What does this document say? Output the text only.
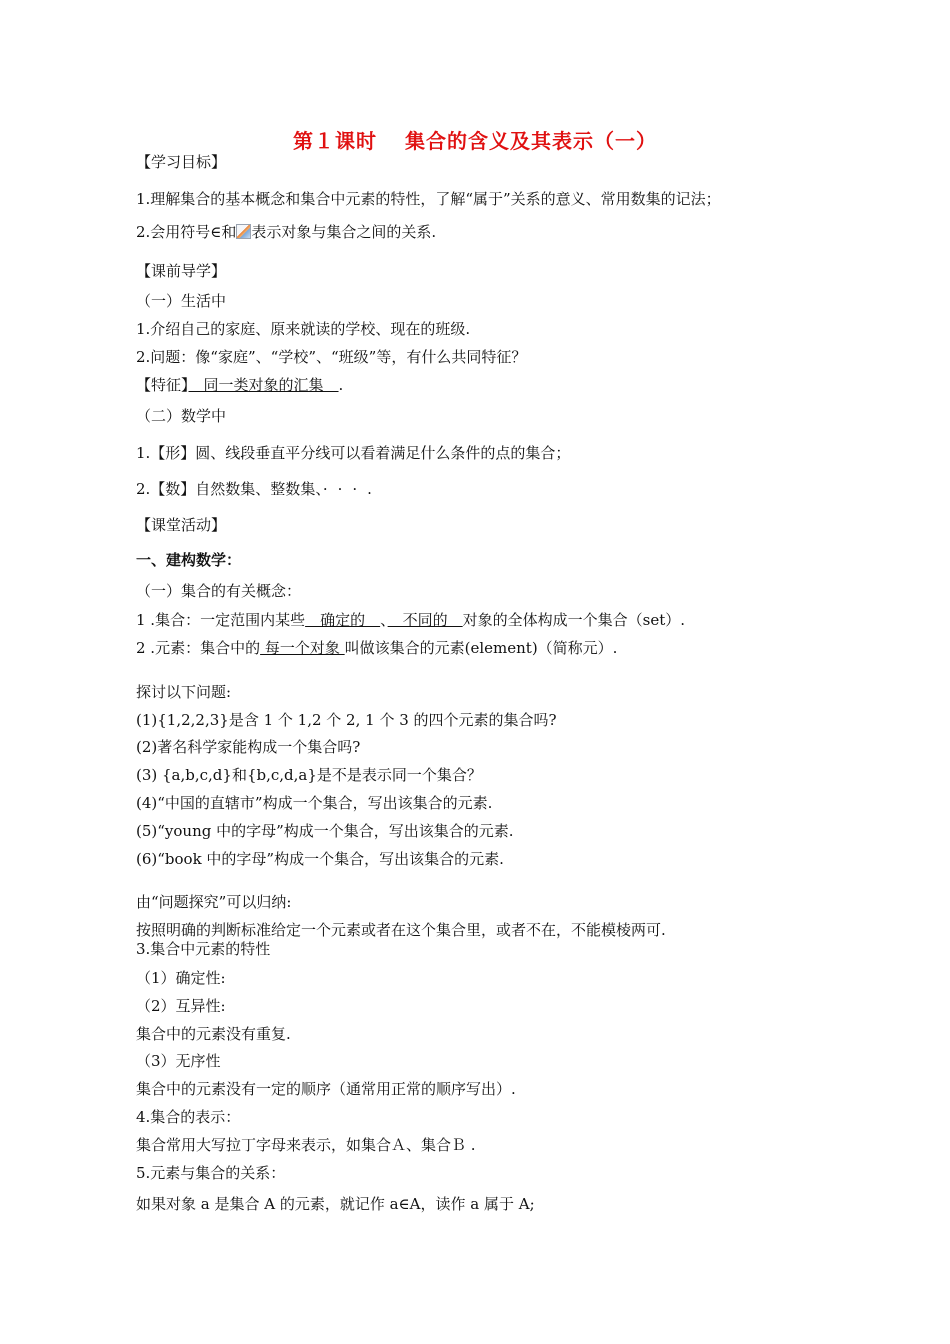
第１课时 集合的含义及其表示（一）
【学习目标】
1.理解集合的基本概念和集合中元素的特性，了解“属于”关系的意义、常用数集的记法；
2.会用符号∈和 表示对象与集合之间的关系.
【课前导学】
（一）生活中
1.介绍自己的家庭、原来就读的学校、现在的班级.
2.问题：像“家庭”、“学校”、“班级”等，有什么共同特征？
【特征】　同一类对象的汇集　.
（二）数学中
1.【形】圆、线段垂直平分线可以看着满足什么条件的点的集合；
2.【数】自然数集、整数集、···.
【课堂活动】
一、建构数学：
（一）集合的有关概念：
1 .集合：一定范围内某些　确定的　、　不同的　对象的全体构成一个集合（set）.
2 .元素：集合中的 每一个对象 叫做该集合的元素(element)（简称元）.
探讨以下问题:
(1){1,2,2,3}是含 1 个 1,2 个 2, 1 个 3 的四个元素的集合吗?
(2)著名科学家能构成一个集合吗?
(3) {a,b,c,d}和{b,c,d,a}是不是表示同一个集合？
(4)“中国的直辖市”构成一个集合，写出该集合的元素.
(5)“young 中的字母”构成一个集合，写出该集合的元素.
(6)“book 中的字母”构成一个集合，写出该集合的元素.
由“问题探究”可以归纳:
按照明确的判断标准给定一个元素或者在这个集合里，或者不在，不能模棱两可.
3.集合中元素的特性
（1）确定性:
（2）互异性:
集合中的元素没有重复.
（3）无序性
集合中的元素没有一定的顺序（通常用正常的顺序写出）.
4.集合的表示：
集合常用大写拉丁字母来表示，如集合Ａ、集合Ｂ .
5.元素与集合的关系：
如果对象 a 是集合 A 的元素，就记作 a∈A，读作 a 属于 A;
